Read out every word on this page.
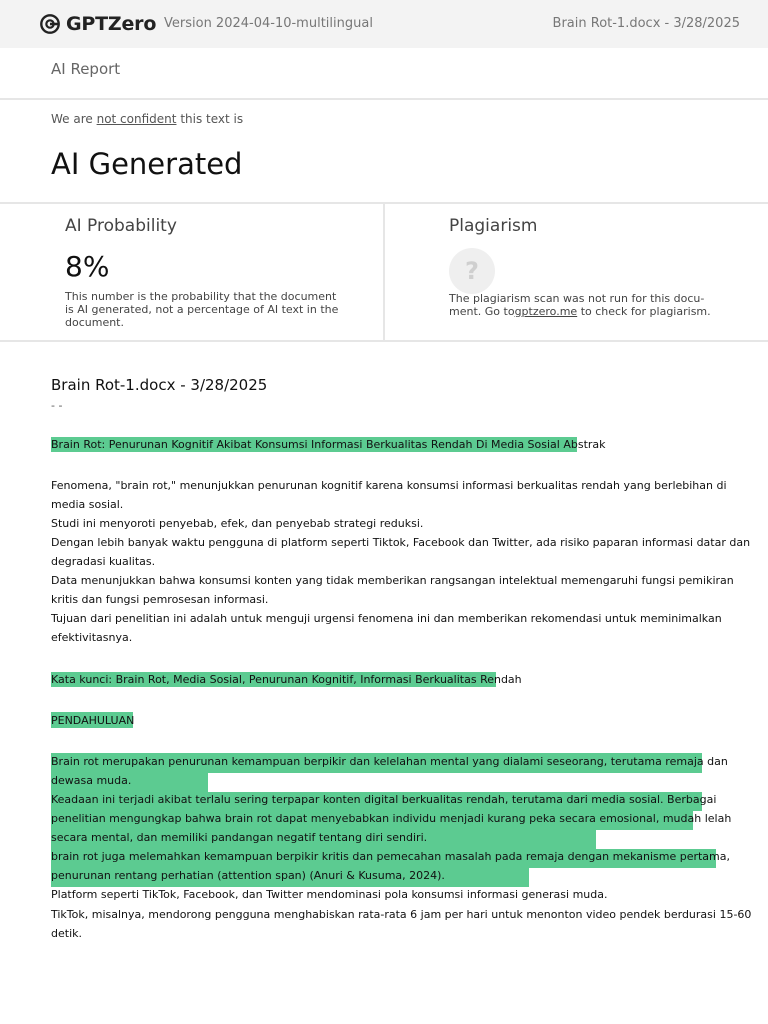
GPTZero Version 2024-04-10-multilingual	Brain Rot-1.docx - 3/28/2025
AI Report
We are not confident this text is
AI Generated
AI Probability
8%
This number is the probability that the document
is AI generated, not a percentage of AI text in the
document.
Plagiarism
?
The plagiarism scan was not run for this docu-
ment. Go togptzero.me to check for plagiarism.
Brain Rot-1.docx - 3/28/2025
- -
Brain Rot: Penurunan Kognitif Akibat Konsumsi Informasi Berkualitas Rendah Di Media Sosial Abstrak
Fenomena, "brain rot," menunjukkan penurunan kognitif karena konsumsi informasi berkualitas rendah yang berlebihan di
media sosial.
Studi ini menyoroti penyebab, efek, dan penyebab strategi reduksi.
Dengan lebih banyak waktu pengguna di platform seperti Tiktok, Facebook dan Twitter, ada risiko paparan informasi datar dan
degradasi kualitas.
Data menunjukkan bahwa konsumsi konten yang tidak memberikan rangsangan intelektual memengaruhi fungsi pemikiran
kritis dan fungsi pemrosesan informasi.
Tujuan dari penelitian ini adalah untuk menguji urgensi fenomena ini dan memberikan rekomendasi untuk meminimalkan
efektivitasnya.
Kata kunci: Brain Rot, Media Sosial, Penurunan Kognitif, Informasi Berkualitas Rendah
PENDAHULUAN
Brain rot merupakan penurunan kemampuan berpikir dan kelelahan mental yang dialami seseorang, terutama remaja dan
dewasa muda.
Keadaan ini terjadi akibat terlalu sering terpapar konten digital berkualitas rendah, terutama dari media sosial. Berbagai
penelitian mengungkap bahwa brain rot dapat menyebabkan individu menjadi kurang peka secara emosional, mudah lelah
secara mental, dan memiliki pandangan negatif tentang diri sendiri.
brain rot juga melemahkan kemampuan berpikir kritis dan pemecahan masalah pada remaja dengan mekanisme pertama,
penurunan rentang perhatian (attention span) (Anuri & Kusuma, 2024).
Platform seperti TikTok, Facebook, dan Twitter mendominasi pola konsumsi informasi generasi muda.
TikTok, misalnya, mendorong pengguna menghabiskan rata-rata 6 jam per hari untuk menonton video pendek berdurasi 15-60
detik.
